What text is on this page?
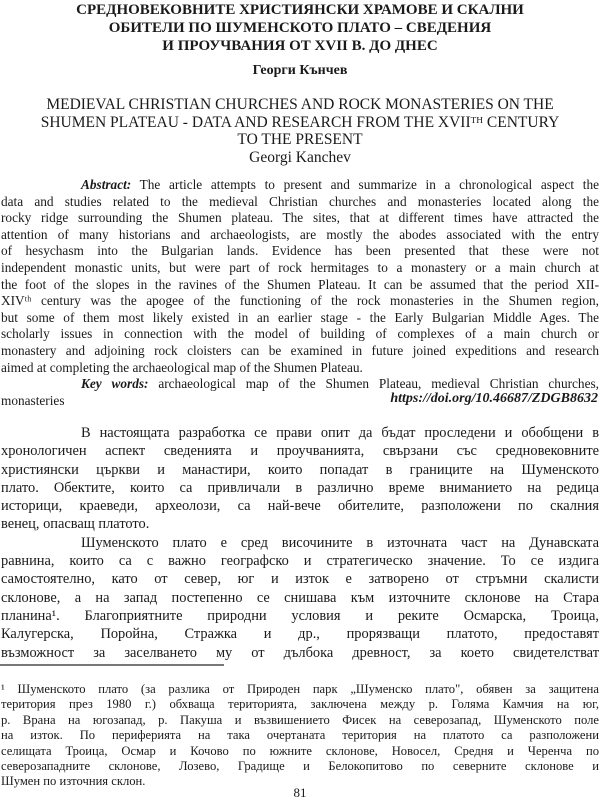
СРЕДНОВЕКОВНИТЕ ХРИСТИЯНСКИ ХРАМОВЕ И СКАЛНИ
ОБИТЕЛИ ПО ШУМЕНСКОТО ПЛАТО – СВЕДЕНИЯ
И ПРОУЧВАНИЯ ОТ XVII В. ДО ДНЕС
Георги Кънчев
MEDIEVAL CHRISTIAN CHURCHES AND ROCK MONASTERIES ON THE
SHUMEN PLATEAU - DATA AND RESEARCH FROM THE XVIIᵀᴴ CENTURY
TO THE PRESENT
Georgi Kanchev
Abstract: The article attempts to present and summarize in a chronological aspect the
data and studies related to the medieval Christian churches and monasteries located along the
rocky ridge surrounding the Shumen plateau. The sites, that at different times have attracted the
attention of many historians and archaeologists, are mostly the abodes associated with the entry
of hesychasm into the Bulgarian lands. Evidence has been presented that these were not
independent monastic units, but were part of rock hermitages to a monastery or a main church at
the foot of the slopes in the ravines of the Shumen Plateau. It can be assumed that the period XII-
XIVᵗʰ century was the apogee of the functioning of the rock monasteries in the Shumen region,
but some of them most likely existed in an earlier stage - the Early Bulgarian Middle Ages. The
scholarly issues in connection with the model of building of complexes of a main church or
monastery and adjoining rock cloisters can be examined in future joined expeditions and research
aimed at completing the archaeological map of the Shumen Plateau.
Key words: archaeological map of the Shumen Plateau, medieval Christian churches,
monasteries	https://doi.org/10.46687/ZDGB8632
В настоящата разработка се прави опит да бъдат проследени и обобщени в
хронологичен аспект сведенията и проучванията, свързани със средновековните
християнски църкви и манастири, които попадат в границите на Шуменското
плато. Обектите, които са привличали в различно време вниманието на редица
историци, краеведи, археолози, са най-вече обителите, разположени по скалния
венец, опасващ платото.
Шуменското плато е сред височините в източната част на Дунавската
равнина, които са с важно географско и стратегическо значение. То се издига
самостоятелно, като от север, юг и изток е затворено от стръмни скалисти
склонове, а на запад постепенно се снишава към източните склонове на Стара
планина¹. Благоприятните природни условия и реките Осмарска, Троица,
Калугерска, Поройна, Стражка и др., прорязващи платото, предоставят
възможност за заселването му от дълбока древност, за което свидетелстват
¹ Шуменското плато (за разлика от Природен парк „Шуменско плато", обявен за защитена
територия през 1980 г.) обхваща територията, заключена между р. Голяма Камчия на юг,
р. Врана на югозапад, р. Пакуша и възвишението Фисек на северозапад, Шуменското поле
на изток. По периферията на така очертаната територия на платото са разположени
селищата Троица, Осмар и Кочово по южните склонове, Новосел, Средня и Черенча по
северозападните склонове, Лозево, Градище и Белокопитово по северните склонове и
Шумен по източния склон.
81
